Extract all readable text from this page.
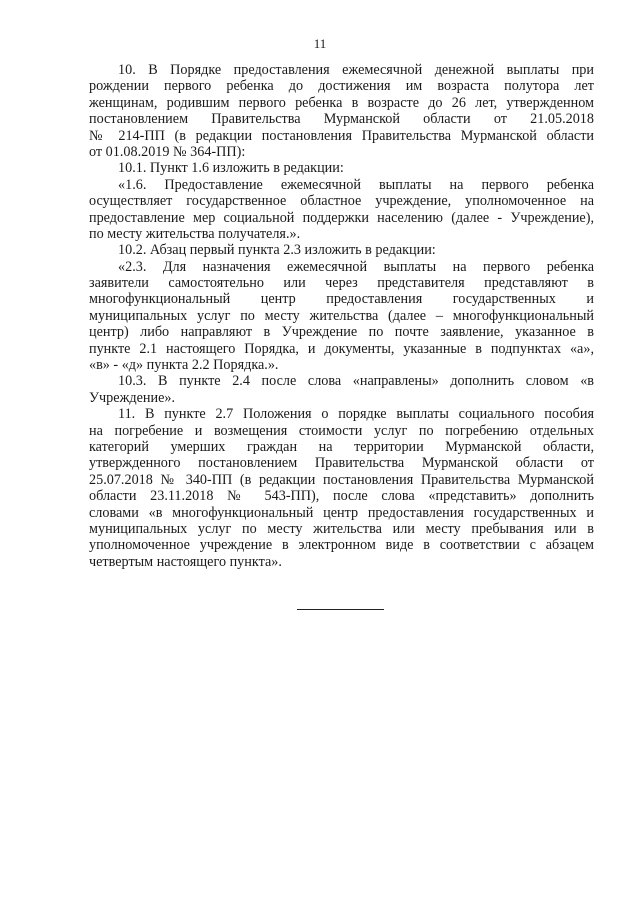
11
10. В Порядке предоставления ежемесячной денежной выплаты при
рождении первого ребенка до достижения им возраста полутора лет
женщинам, родившим первого ребенка в возрасте до 26 лет, утвержденном
постановлением Правительства Мурманской области от 21.05.2018
№ 214-ПП (в редакции постановления Правительства Мурманской области
от 01.08.2019 № 364-ПП):
10.1. Пункт 1.6 изложить в редакции:
«1.6. Предоставление ежемесячной выплаты на первого ребенка
осуществляет государственное областное учреждение, уполномоченное на
предоставление мер социальной поддержки населению (далее - Учреждение),
по месту жительства получателя.».
10.2. Абзац первый пункта 2.3 изложить в редакции:
«2.3. Для назначения ежемесячной выплаты на первого ребенка
заявители самостоятельно или через представителя представляют в
многофункциональный центр предоставления государственных и
муниципальных услуг по месту жительства (далее – многофункциональный
центр) либо направляют в Учреждение по почте заявление, указанное в
пункте 2.1 настоящего Порядка, и документы, указанные в подпунктах «а»,
«в» - «д» пункта 2.2 Порядка.».
10.3. В пункте 2.4 после слова «направлены» дополнить словом «в
Учреждение».
11. В пункте 2.7 Положения о порядке выплаты социального пособия
на погребение и возмещения стоимости услуг по погребению отдельных
категорий умерших граждан на территории Мурманской области,
утвержденного постановлением Правительства Мурманской области от
25.07.2018 № 340-ПП (в редакции постановления Правительства Мурманской
области 23.11.2018 № 543-ПП), после слова «представить» дополнить
словами «в многофункциональный центр предоставления государственных и
муниципальных услуг по месту жительства или месту пребывания или в
уполномоченное учреждение в электронном виде в соответствии с абзацем
четвертым настоящего пункта».
